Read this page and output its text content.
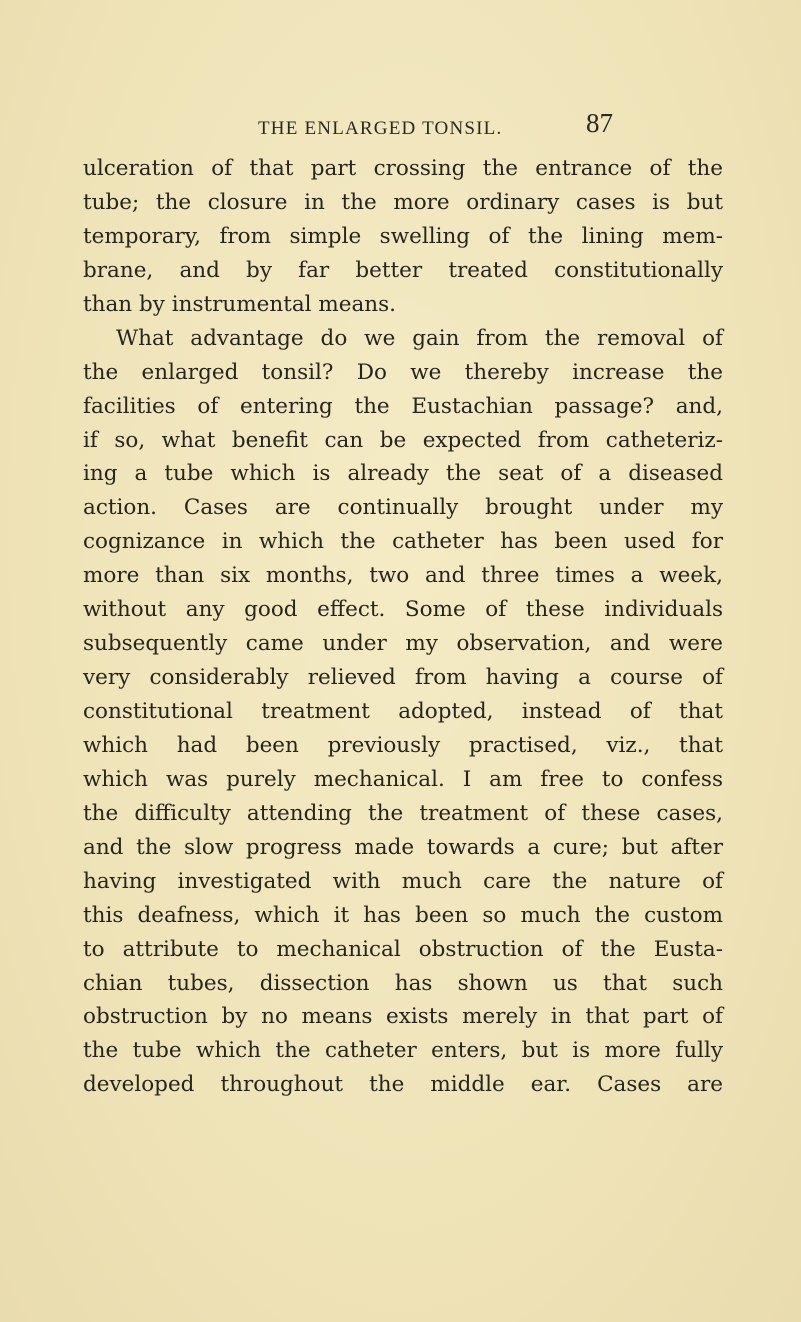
THE ENLARGED TONSIL.	87
ulceration of that part crossing the entrance of the
tube; the closure in the more ordinary cases is but
temporary, from simple swelling of the lining mem-
brane, and by far better treated constitutionally
than by instrumental means.
What advantage do we gain from the removal of
the enlarged tonsil? Do we thereby increase the
facilities of entering the Eustachian passage? and,
if so, what benefit can be expected from catheteriz-
ing a tube which is already the seat of a diseased
action. Cases are continually brought under my
cognizance in which the catheter has been used for
more than six months, two and three times a week,
without any good effect. Some of these individuals
subsequently came under my observation, and were
very considerably relieved from having a course of
constitutional treatment adopted, instead of that
which had been previously practised, viz., that
which was purely mechanical. I am free to confess
the difficulty attending the treatment of these cases,
and the slow progress made towards a cure; but after
having investigated with much care the nature of
this deafness, which it has been so much the custom
to attribute to mechanical obstruction of the Eusta-
chian tubes, dissection has shown us that such
obstruction by no means exists merely in that part of
the tube which the catheter enters, but is more fully
developed throughout the middle ear. Cases are
